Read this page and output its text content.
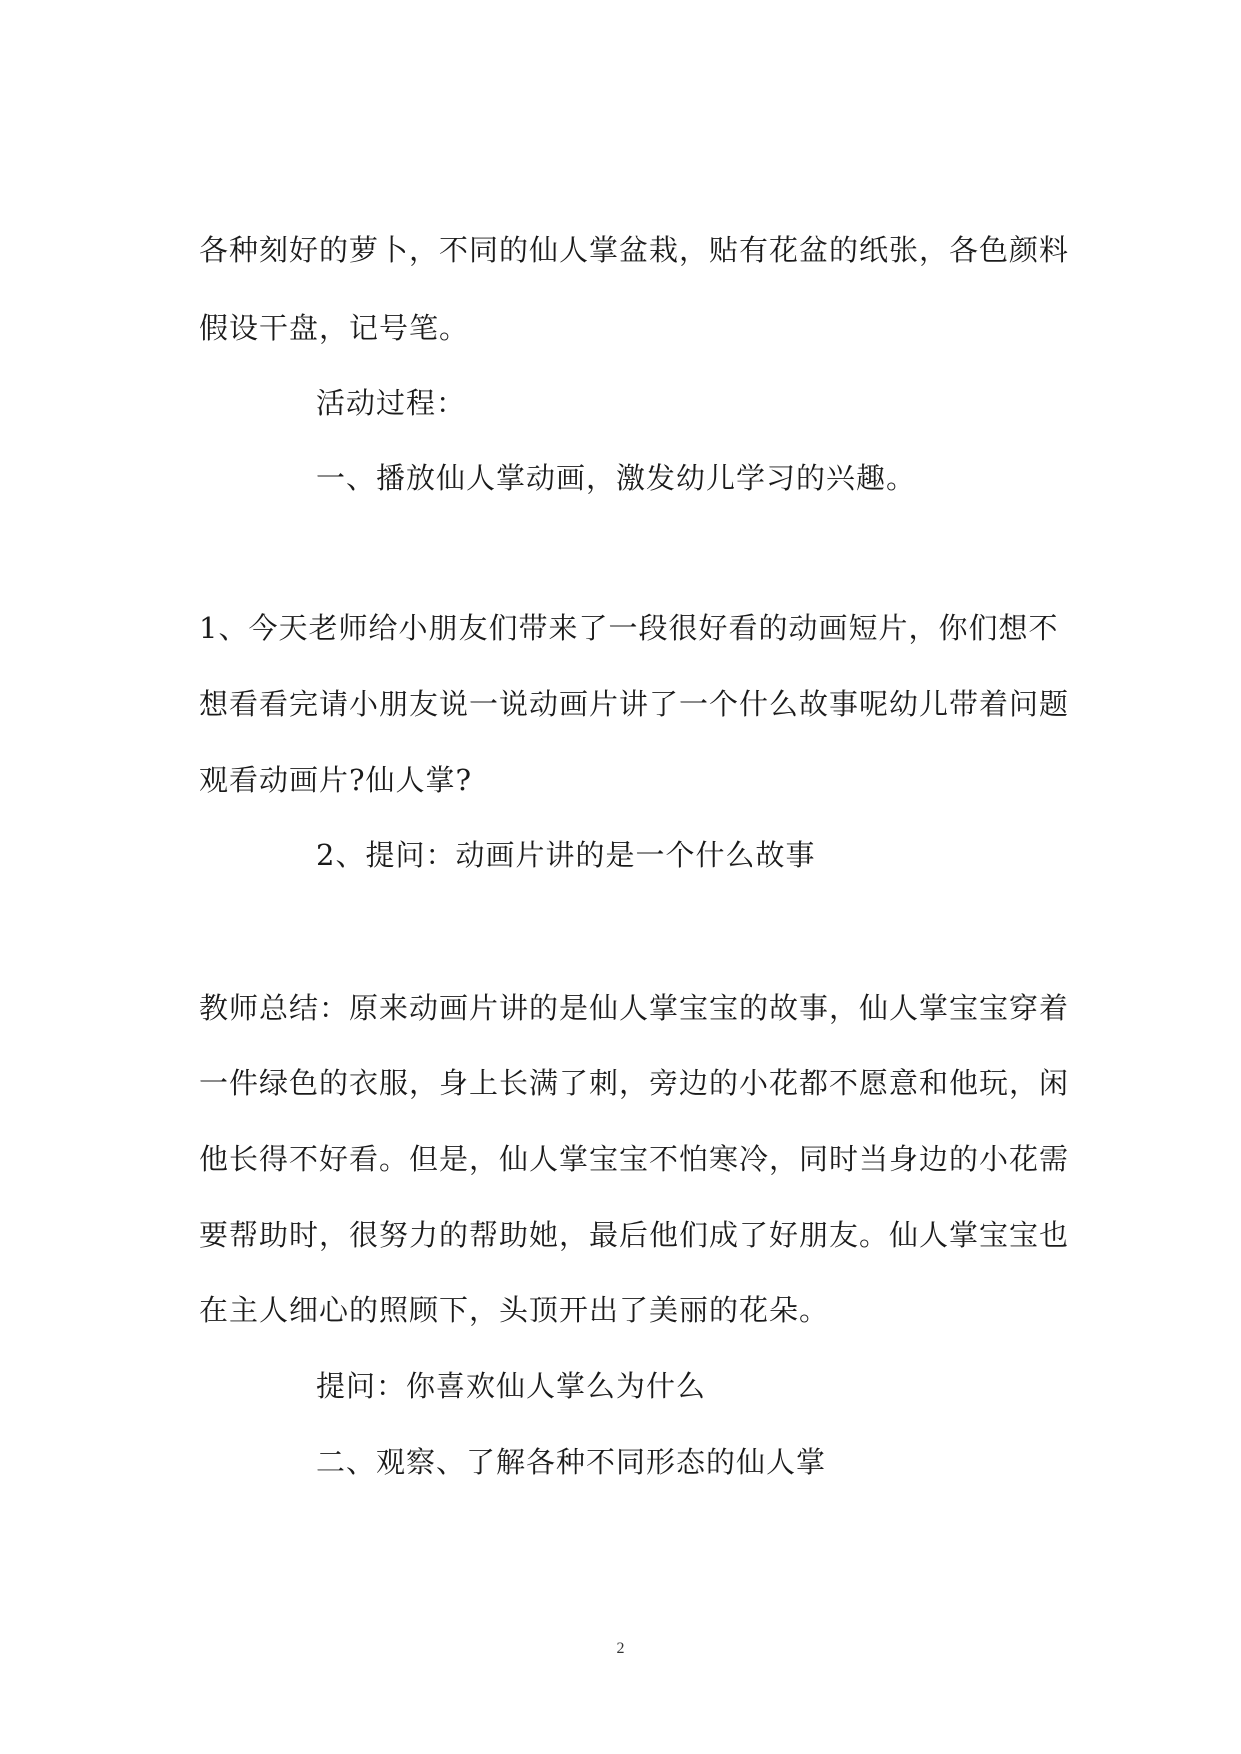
各种刻好的萝卜，不同的仙人掌盆栽，贴有花盆的纸张，各色颜料
假设干盘，记号笔。
活动过程：
一、播放仙人掌动画，激发幼儿学习的兴趣。
1、今天老师给小朋友们带来了一段很好看的动画短片，你们想不
想看看完请小朋友说一说动画片讲了一个什么故事呢幼儿带着问题
观看动画片?仙人掌?
2、提问：动画片讲的是一个什么故事
教师总结：原来动画片讲的是仙人掌宝宝的故事，仙人掌宝宝穿着
一件绿色的衣服，身上长满了刺，旁边的小花都不愿意和他玩，闲
他长得不好看。但是，仙人掌宝宝不怕寒冷，同时当身边的小花需
要帮助时，很努力的帮助她，最后他们成了好朋友。仙人掌宝宝也
在主人细心的照顾下，头顶开出了美丽的花朵。
提问：你喜欢仙人掌么为什么
二、观察、了解各种不同形态的仙人掌
2
